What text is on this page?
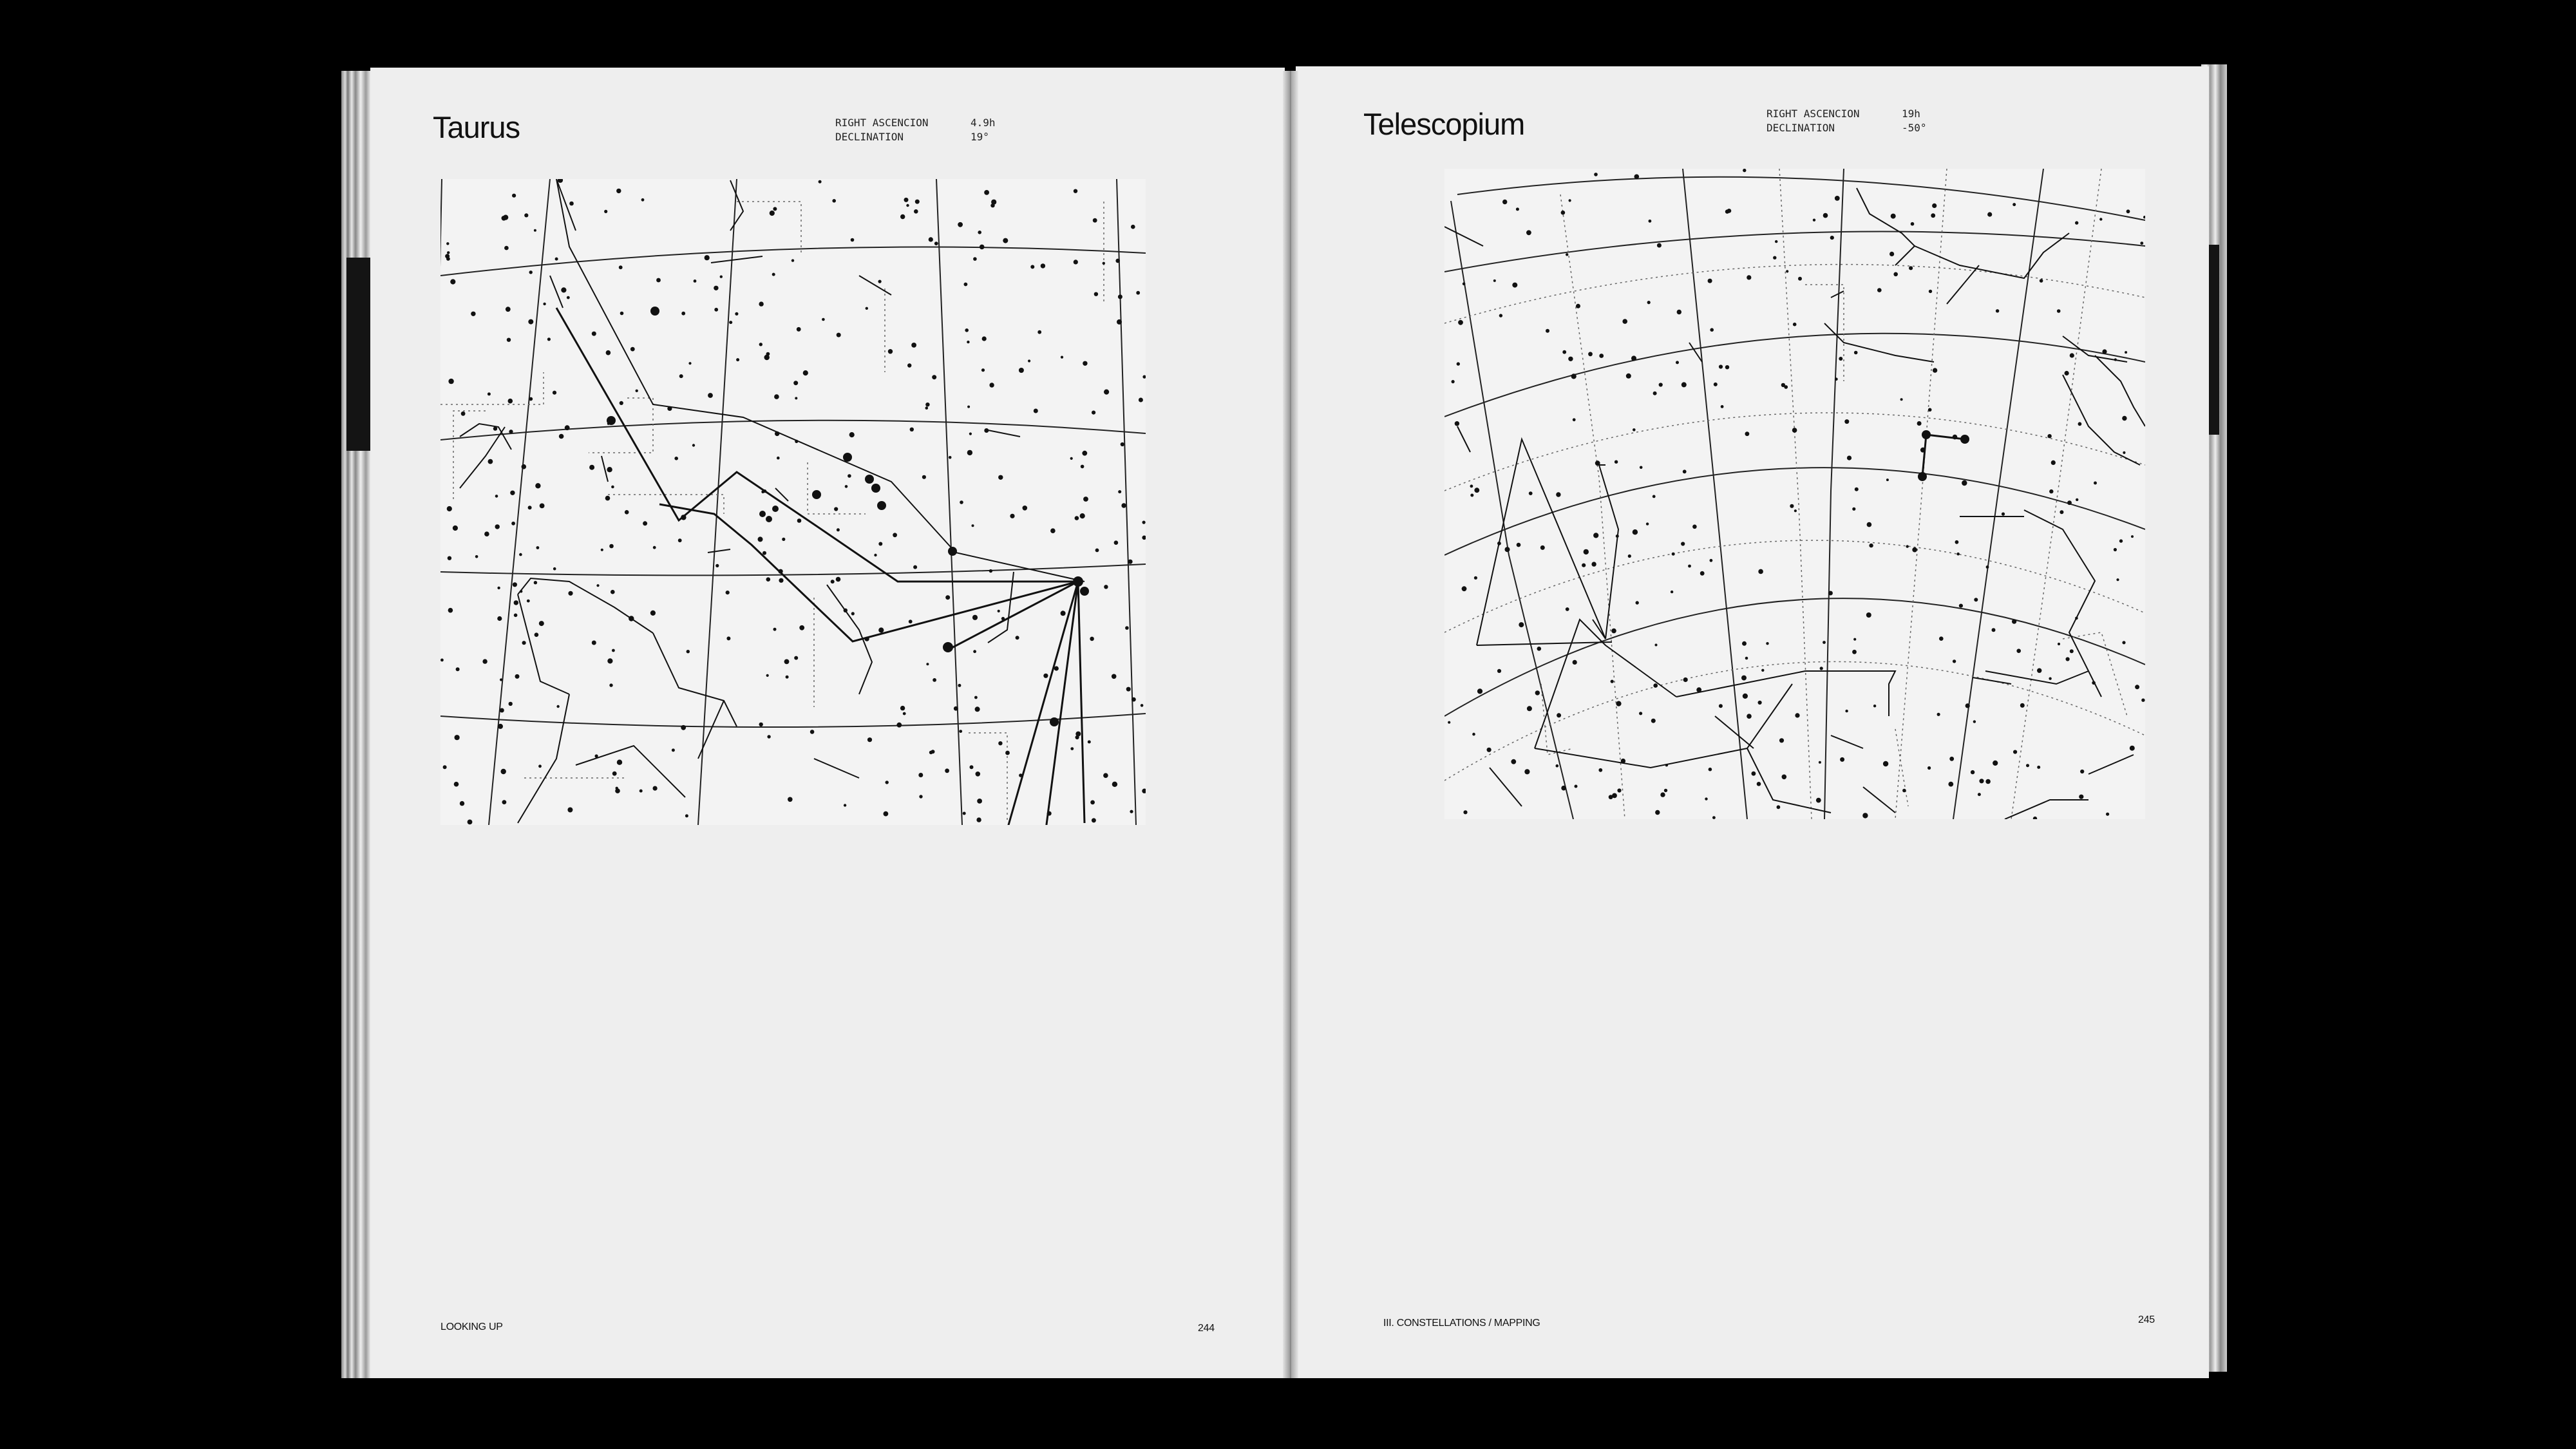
Taurus	RIGHT ASCENCION	4.9h
DECLINATION	19°
LOOKING UP	244
Telescopium	RIGHT ASCENCION	19h
DECLINATION	-50°
III. CONSTELLATIONS / MAPPING	245
